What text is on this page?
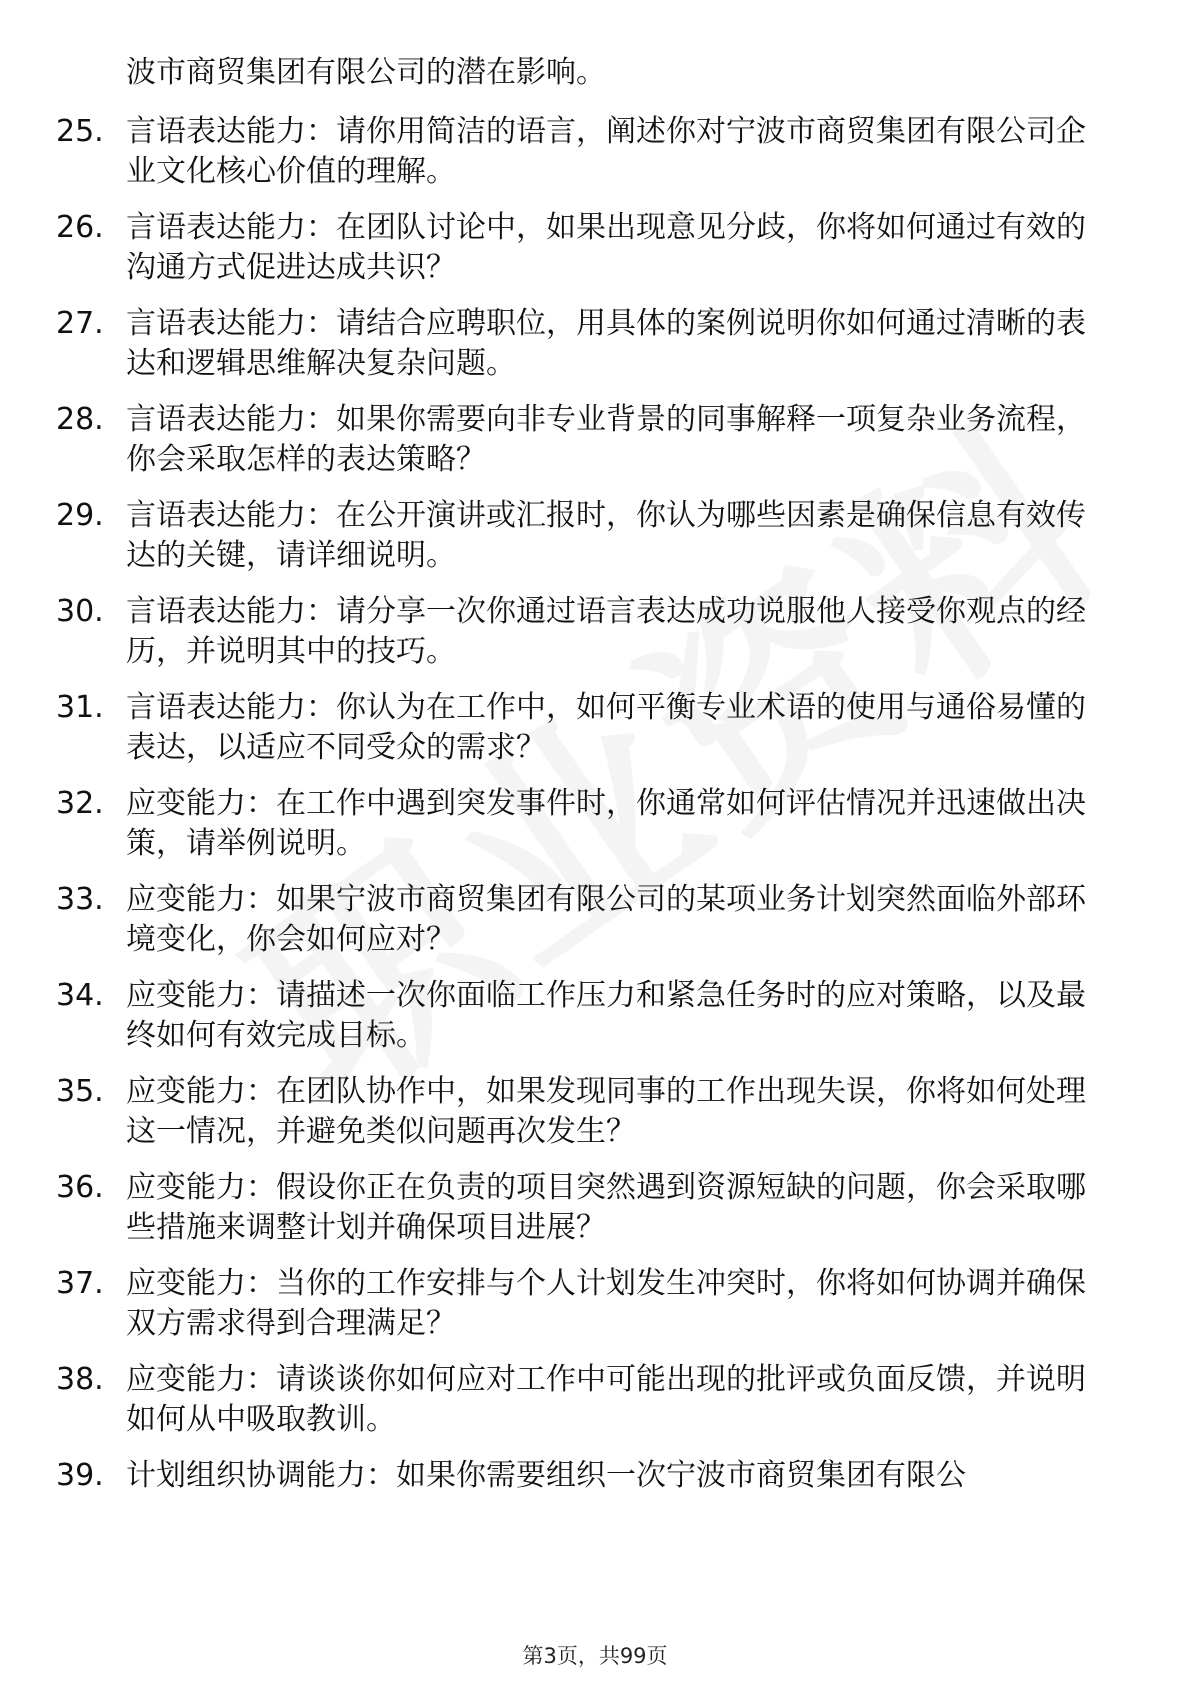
波市商贸集团有限公司的潜在影响。
25. 言语表达能力：请你用简洁的语言，阐述你对宁波市商贸集团有限公司企业文化核心价值的理解。
26. 言语表达能力：在团队讨论中，如果出现意见分歧，你将如何通过有效的沟通方式促进达成共识？
27. 言语表达能力：请结合应聘职位，用具体的案例说明你如何通过清晰的表达和逻辑思维解决复杂问题。
28. 言语表达能力：如果你需要向非专业背景的同事解释一项复杂业务流程，你会采取怎样的表达策略？
29. 言语表达能力：在公开演讲或汇报时，你认为哪些因素是确保信息有效传达的关键，请详细说明。
30. 言语表达能力：请分享一次你通过语言表达成功说服他人接受你观点的经历，并说明其中的技巧。
31. 言语表达能力：你认为在工作中，如何平衡专业术语的使用与通俗易懂的表达，以适应不同受众的需求？
32. 应变能力：在工作中遇到突发事件时，你通常如何评估情况并迅速做出决策，请举例说明。
33. 应变能力：如果宁波市商贸集团有限公司的某项业务计划突然面临外部环境变化，你会如何应对？
34. 应变能力：请描述一次你面临工作压力和紧急任务时的应对策略，以及最终如何有效完成目标。
35. 应变能力：在团队协作中，如果发现同事的工作出现失误，你将如何处理这一情况，并避免类似问题再次发生？
36. 应变能力：假设你正在负责的项目突然遇到资源短缺的问题，你会采取哪些措施来调整计划并确保项目进展？
37. 应变能力：当你的工作安排与个人计划发生冲突时，你将如何协调并确保双方需求得到合理满足？
38. 应变能力：请谈谈你如何应对工作中可能出现的批评或负面反馈，并说明如何从中吸取教训。
39. 计划组织协调能力：如果你需要组织一次宁波市商贸集团有限公
第3页，共99页
